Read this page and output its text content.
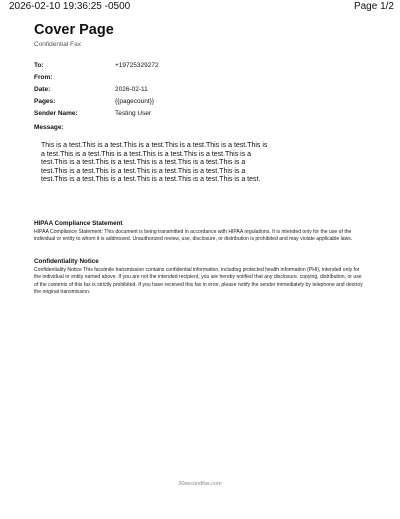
2026-02-10 19:36:25 -0500	Page 1/2
Cover Page
Confidential Fax
To:	+19725329272
From:
Date:	2026-02-11
Pages:	{{pagecount}}
Sender Name:	Testing User
Message:
This is a test.This is a test.This is a test.This is a test.This is a test.This is a test.This is a test.This is a test.This is a test.This is a test.This is a test.This is a test.This is a test.This is a test.This is a test.This is a test.This is a test.This is a test.This is a test.This is a test.This is a test.This is a test.This is a test.This is a test.This is a test.This is a test.
HIPAA Compliance Statement
HIPAA Compliance Statement: This document is being transmitted in accordance with HIPAA regulations. It is intended only for the use of the individual or entity to whom it is addressed. Unauthorized review, use, disclosure, or distribution is prohibited and may violate applicable laws.
Confidentiality Notice
Confidentiality Notice This facsimile transmission contains confidential information, including protected health information (PHI), intended only for the individual or entity named above. If you are not the intended recipient, you are hereby notified that any disclosure, copying, distribution, or use of the contents of this fax is strictly prohibited. If you have received this fax in error, please notify the sender immediately by telephone and destroy the original transmission.
90secondfax.com
